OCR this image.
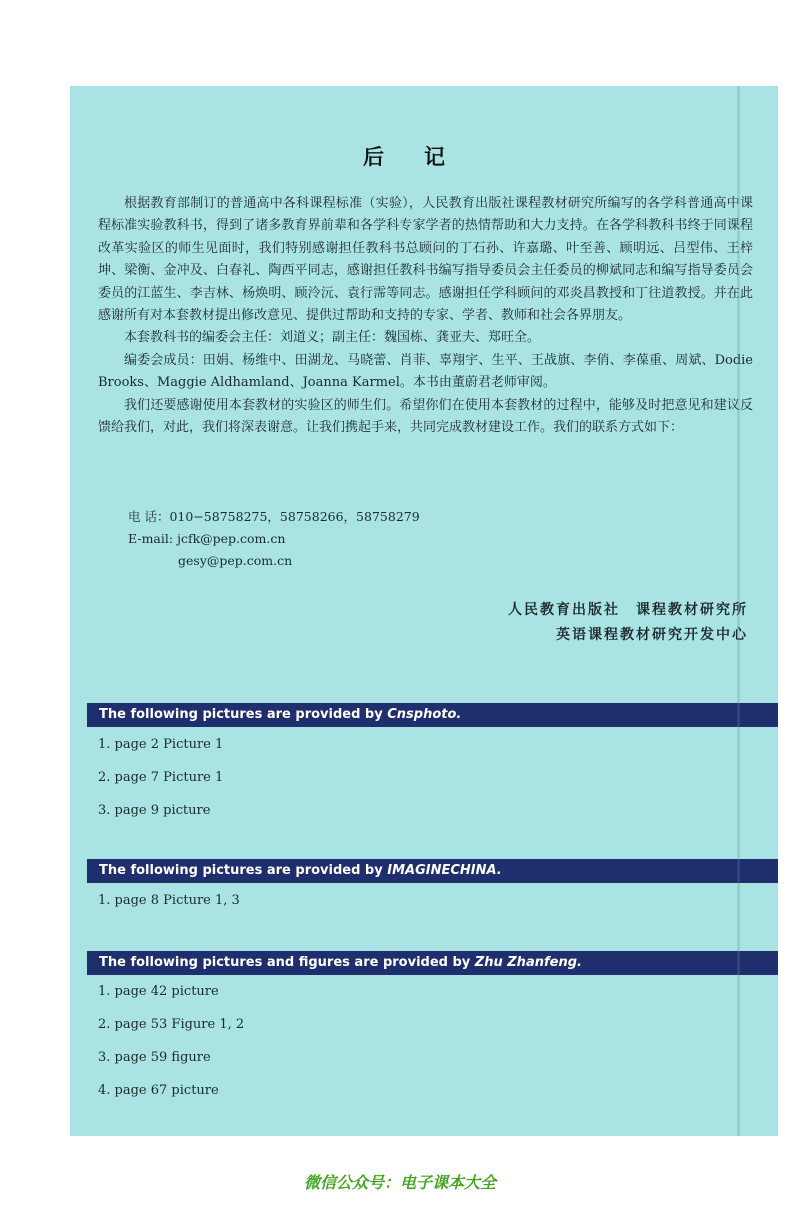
后记

根据教育部制订的普通高中各科课程标准（实验），人民教育出版社课程教材研究所编写的各学科普通高中课程标准实验教科书，得到了诸多教育界前辈和各学科专家学者的热情帮助和大力支持。在各学科教科书终于同课程改革实验区的师生见面时，我们特别感谢担任教科书总顾问的丁石孙、许嘉璐、叶至善、顾明远、吕型伟、王梓坤、梁衡、金冲及、白春礼、陶西平同志，感谢担任教科书编写指导委员会主任委员的柳斌同志和编写指导委员会委员的江蓝生、李吉林、杨焕明、顾泠沅、袁行霈等同志。感谢担任学科顾问的邓炎昌教授和丁往道教授。并在此感谢所有对本套教材提出修改意见、提供过帮助和支持的专家、学者、教师和社会各界朋友。

本套教科书的编委会主任：刘道义；副主任：魏国栋、龚亚夫、郑旺全。

编委会成员：田娟、杨维中、田湖龙、马晓蕾、肖菲、辜翔宇、生平、王战旗、李俏、李葆重、周斌、Dodie Brooks、Maggie Aldhamland、Joanna Karmel。本书由董蔚君老师审阅。

我们还要感谢使用本套教材的实验区的师生们。希望你们在使用本套教材的过程中，能够及时把意见和建议反馈给我们，对此，我们将深表谢意。让我们携起手来，共同完成教材建设工作。我们的联系方式如下：

电 话：010−58758275，58758266，58758279
E-mail: jcfk@pep.com.cn
gesy@pep.com.cn
人民教育出版社　课程教材研究所
英语课程教材研究开发中心
The following pictures are provided by Cnsphoto.
1. page 2 Picture 1
2. page 7 Picture 1
3. page 9 picture
The following pictures are provided by IMAGINECHINA.
1. page 8 Picture 1, 3
The following pictures and figures are provided by Zhu Zhanfeng.
1. page 42 picture
2. page 53 Figure 1, 2
3. page 59 figure
4. page 67 picture
微信公众号：电子课本大全
